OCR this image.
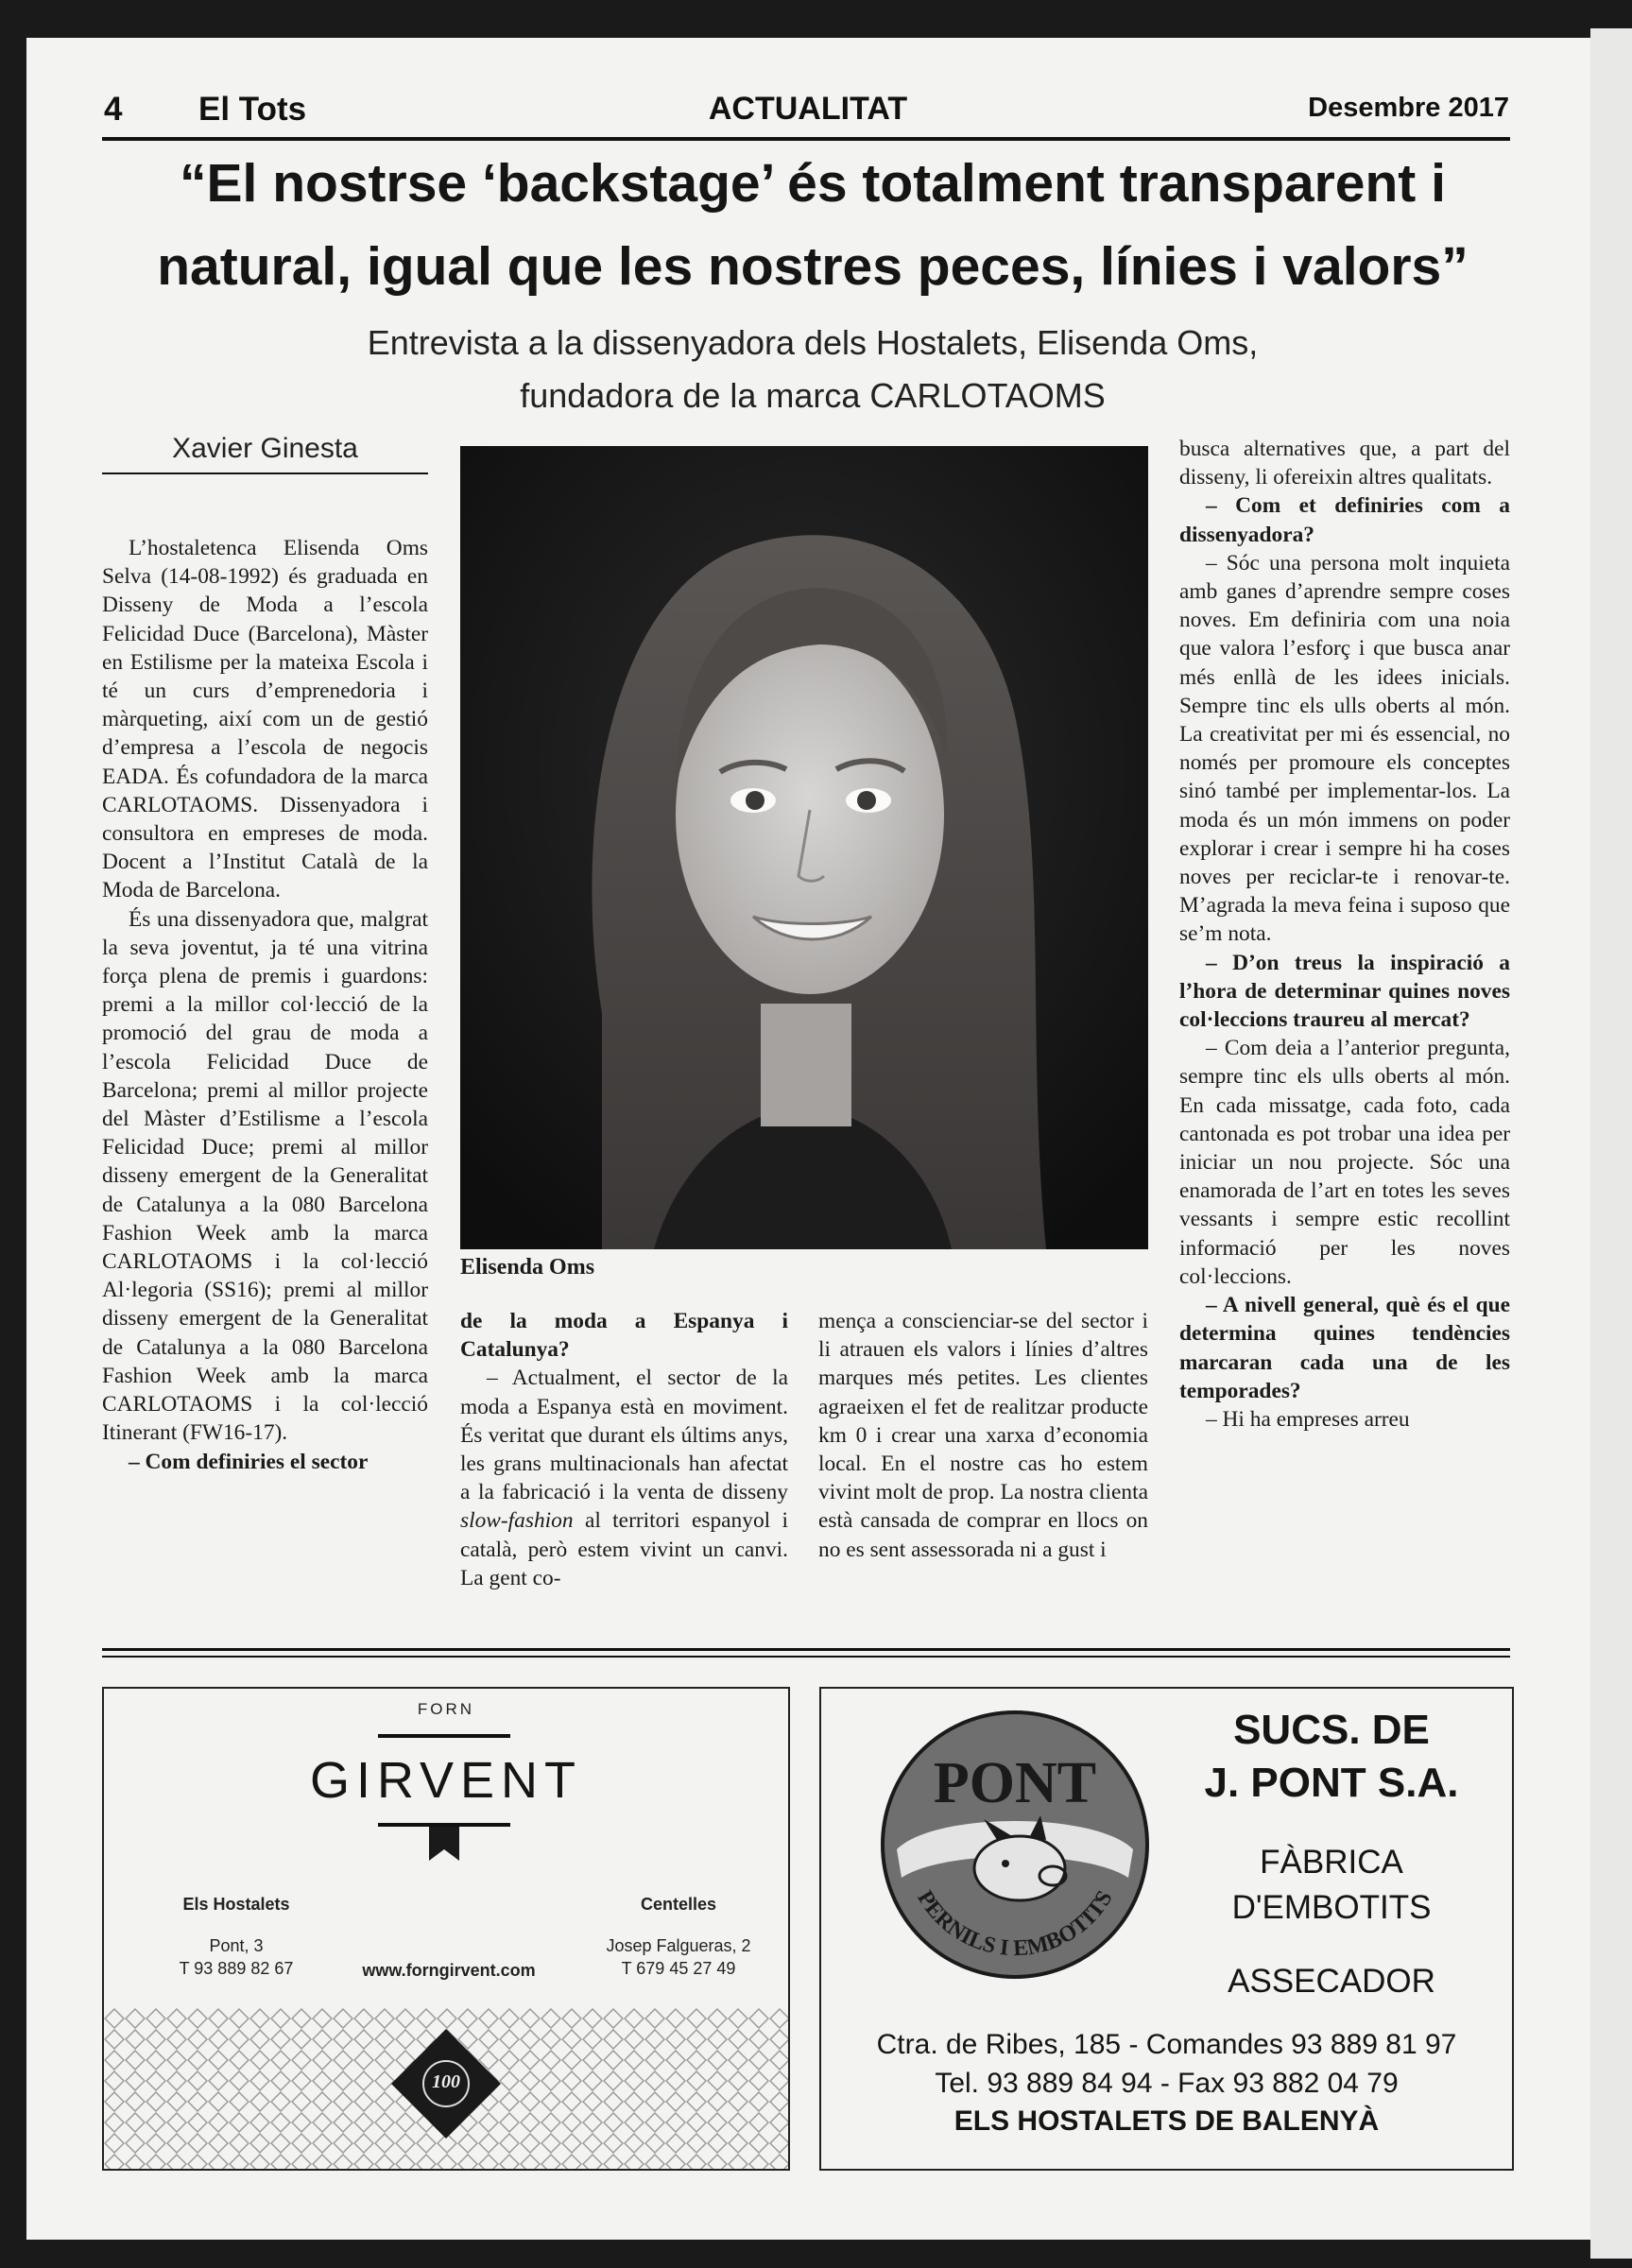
4 El Tots	ACTUALITAT	Desembre 2017
“El nostrse ‘backstage’ és totalment transparent i
natural, igual que les nostres peces, línies i valors”
Entrevista a la dissenyadora dels Hostalets, Elisenda Oms,
fundadora de la marca CARLOTAOMS
Xavier Ginesta

L’hostaletenca Elisenda Oms Selva (14-08-1992) és graduada en Disseny de Moda a l’escola Felicidad Duce (Barcelona), Màster en Estilisme per la mateixa Escola i té un curs d’emprenedoria i màrqueting, així com un de gestió d’empresa a l’escola de negocis EADA. És cofundadora de la marca CARLOTAOMS. Dissenyadora i consultora en empreses de moda. Docent a l’Institut Català de la Moda de Barcelona.

És una dissenyadora que, malgrat la seva joventut, ja té una vitrina força plena de premis i guardons: premi a la millor col·lecció de la promoció del grau de moda a l’escola Felicidad Duce de Barcelona; premi al millor projecte del Màster d’Estilisme a l’escola Felicidad Duce; premi al millor disseny emergent de la Generalitat de Catalunya a la 080 Barcelona Fashion Week amb la marca CARLOTAOMS i la col·lecció Al·legoria (SS16); premi al millor disseny emergent de la Generalitat de Catalunya a la 080 Barcelona Fashion Week amb la marca CARLOTAOMS i la col·lecció Itinerant (FW16-17).

– Com definiries el sector

Elisenda Oms

de la moda a Espanya i Catalunya?

– Actualment, el sector de la moda a Espanya està en moviment. És veritat que durant els últims anys, les grans multinacionals han afectat a la fabricació i la venta de disseny slow-fashion al territori espanyol i català, però estem vivint un canvi. La gent co-

mença a conscienciar-se del sector i li atrauen els valors i línies d’altres marques més petites. Les clientes agraeixen el fet de realitzar producte km 0 i crear una xarxa d’economia local. En el nostre cas ho estem vivint molt de prop. La nostra clienta està cansada de comprar en llocs on no es sent assessorada ni a gust i

busca alternatives que, a part del disseny, li ofereixin altres qualitats.

– Com et definiries com a dissenyadora?

– Sóc una persona molt inquieta amb ganes d’aprendre sempre coses noves. Em definiria com una noia que valora l’esforç i que busca anar més enllà de les idees inicials. Sempre tinc els ulls oberts al món. La creativitat per mi és essencial, no només per promoure els conceptes sinó també per implementar-los. La moda és un món immens on poder explorar i crear i sempre hi ha coses noves per reciclar-te i renovar-te. M’agrada la meva feina i suposo que se’m nota.

– D’on treus la inspiració a l’hora de determinar quines noves col·leccions traureu al mercat?

– Com deia a l’anterior pregunta, sempre tinc els ulls oberts al món. En cada missatge, cada foto, cada cantonada es pot trobar una idea per iniciar un nou projecte. Sóc una enamorada de l’art en totes les seves vessants i sempre estic recollint informació per les noves col·leccions.

– A nivell general, què és el que determina quines tendències marcaran cada una de les temporades?

– Hi ha empreses arreu

FORN
GIRVENT
Els Hostalets
Pont, 3
T 93 889 82 67
Centelles
Josep Falgueras, 2
T 679 45 27 49
www.forngirvent.com
100
PONT
PERNILS I EMBOTITS
SUCS. DE
J. PONT S.A.
FÀBRICA
D'EMBOTITS
ASSECADOR
Ctra. de Ribes, 185 - Comandes 93 889 81 97
Tel. 93 889 84 94 - Fax 93 882 04 79
ELS HOSTALETS DE BALENYÀ
